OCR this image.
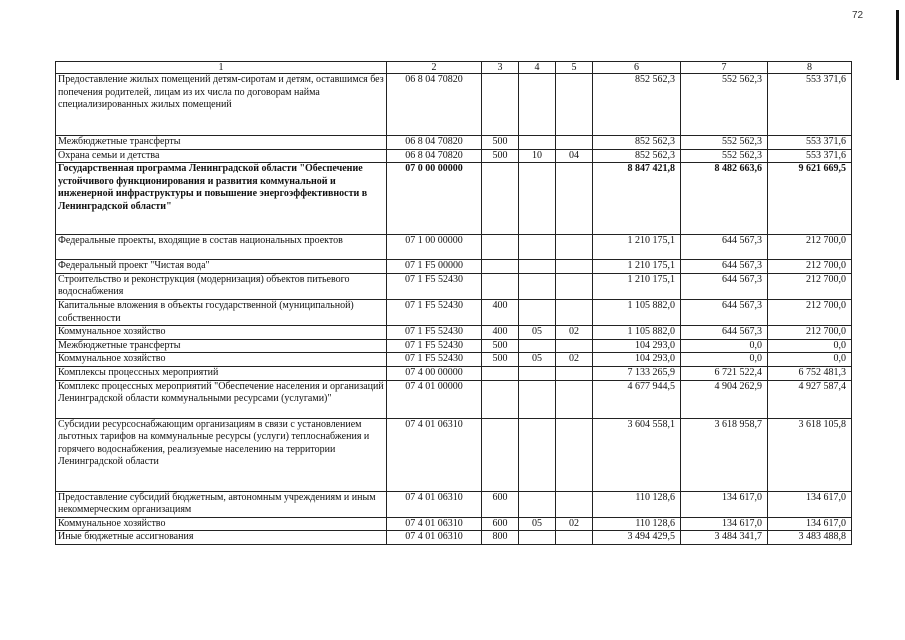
72
1	2	3	4	5	6	7	8
Предоставление жилых помещений детям-сиротам и детям, оставшимся без попечения родителей, лицам из их числа по договорам найма специализированных жилых помещений	06 8 04 70820				852 562,3	552 562,3	553 371,6
Межбюджетные трансферты	06 8 04 70820	500			852 562,3	552 562,3	553 371,6
Охрана семьи и детства	06 8 04 70820	500	10	04	852 562,3	552 562,3	553 371,6
Государственная программа Ленинградской области "Обеспечение устойчивого функционирования и развития коммунальной и инженерной инфраструктуры и повышение энергоэффективности в Ленинградской области"	07 0 00 00000				8 847 421,8	8 482 663,6	9 621 669,5
Федеральные проекты, входящие в состав национальных проектов	07 1 00 00000				1 210 175,1	644 567,3	212 700,0
Федеральный проект "Чистая вода"	07 1 F5 00000				1 210 175,1	644 567,3	212 700,0
Строительство и реконструкция (модернизация) объектов питьевого водоснабжения	07 1 F5 52430				1 210 175,1	644 567,3	212 700,0
Капитальные вложения в объекты государственной (муниципальной) собственности	07 1 F5 52430	400			1 105 882,0	644 567,3	212 700,0
Коммунальное хозяйство	07 1 F5 52430	400	05	02	1 105 882,0	644 567,3	212 700,0
Межбюджетные трансферты	07 1 F5 52430	500			104 293,0	0,0	0,0
Коммунальное хозяйство	07 1 F5 52430	500	05	02	104 293,0	0,0	0,0
Комплексы процессных мероприятий	07 4 00 00000				7 133 265,9	6 721 522,4	6 752 481,3
Комплекс процессных мероприятий "Обеспечение населения и организаций Ленинградской области коммунальными ресурсами (услугами)"	07 4 01 00000				4 677 944,5	4 904 262,9	4 927 587,4
Субсидии ресурсоснабжающим организациям в связи с установлением льготных тарифов на коммунальные ресурсы (услуги) теплоснабжения и горячего водоснабжения, реализуемые населению на территории Ленинградской области	07 4 01 06310				3 604 558,1	3 618 958,7	3 618 105,8
Предоставление субсидий бюджетным, автономным учреждениям и иным некоммерческим организациям	07 4 01 06310	600			110 128,6	134 617,0	134 617,0
Коммунальное хозяйство	07 4 01 06310	600	05	02	110 128,6	134 617,0	134 617,0
Иные бюджетные ассигнования	07 4 01 06310	800			3 494 429,5	3 484 341,7	3 483 488,8
